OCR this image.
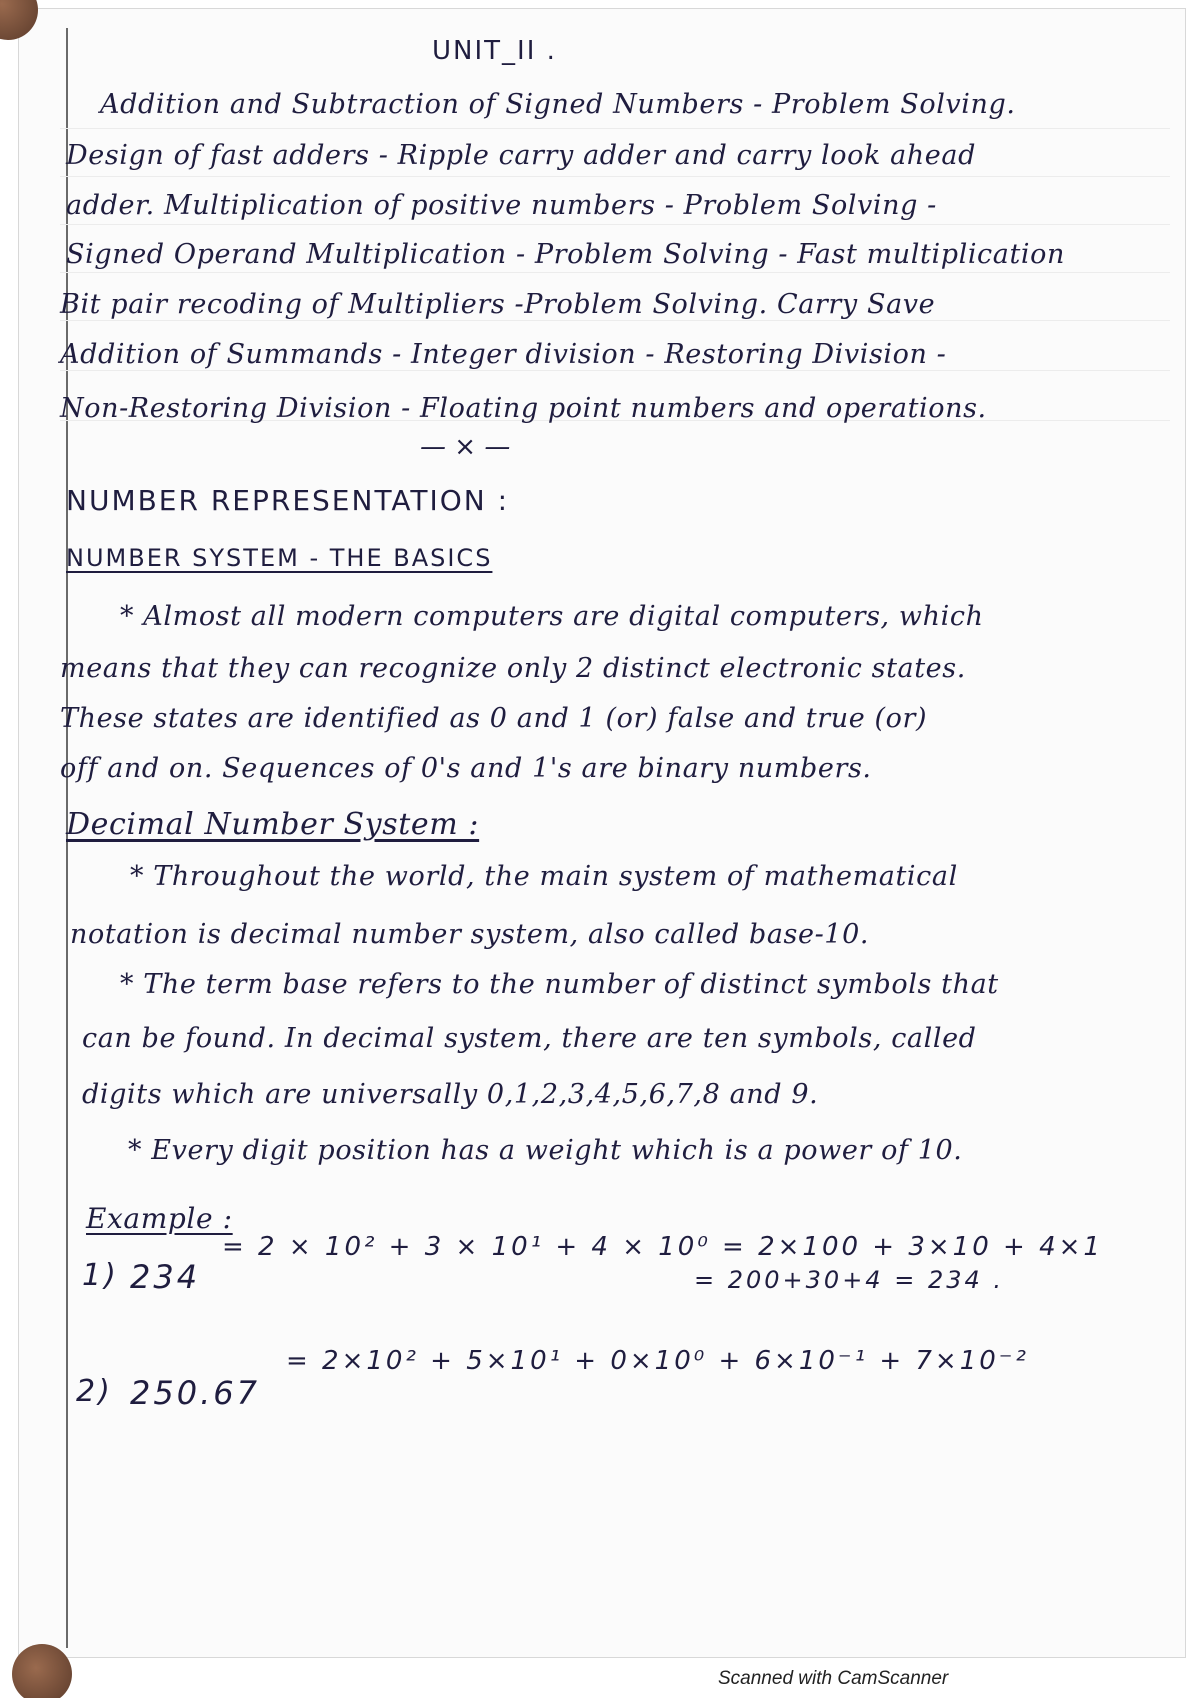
UNIT_II .
Addition and Subtraction of Signed Numbers - Problem Solving.
Design of fast adders - Ripple carry adder and carry look ahead
adder. Multiplication of positive numbers - Problem Solving -
Signed Operand Multiplication - Problem Solving - Fast multiplication
Bit pair recoding of Multipliers -Problem Solving. Carry Save
Addition of Summands - Integer division - Restoring Division -
Non-Restoring Division - Floating point numbers and operations.
— × —
NUMBER REPRESENTATION :
NUMBER SYSTEM - THE BASICS
* Almost all modern computers are digital computers, which
means that they can recognize only 2 distinct electronic states.
These states are identified as 0 and 1 (or) false and true (or)
off and on. Sequences of 0's and 1's are binary numbers.
Decimal Number System :
* Throughout the world, the main system of mathematical
notation is decimal number system, also called base-10.
* The term base refers to the number of distinct symbols that
can be found. In decimal system, there are ten symbols, called
digits which are universally 0,1,2,3,4,5,6,7,8 and 9.
* Every digit position has a weight which is a power of 10.
Example :
1) 234
= 2 × 10² + 3 × 10¹ + 4 × 10⁰ = 2×100 + 3×10 + 4×1
= 200+30+4 = 234 .
2) 250.67
= 2×10² + 5×10¹ + 0×10⁰ + 6×10⁻¹ + 7×10⁻²
Scanned with CamScanner
